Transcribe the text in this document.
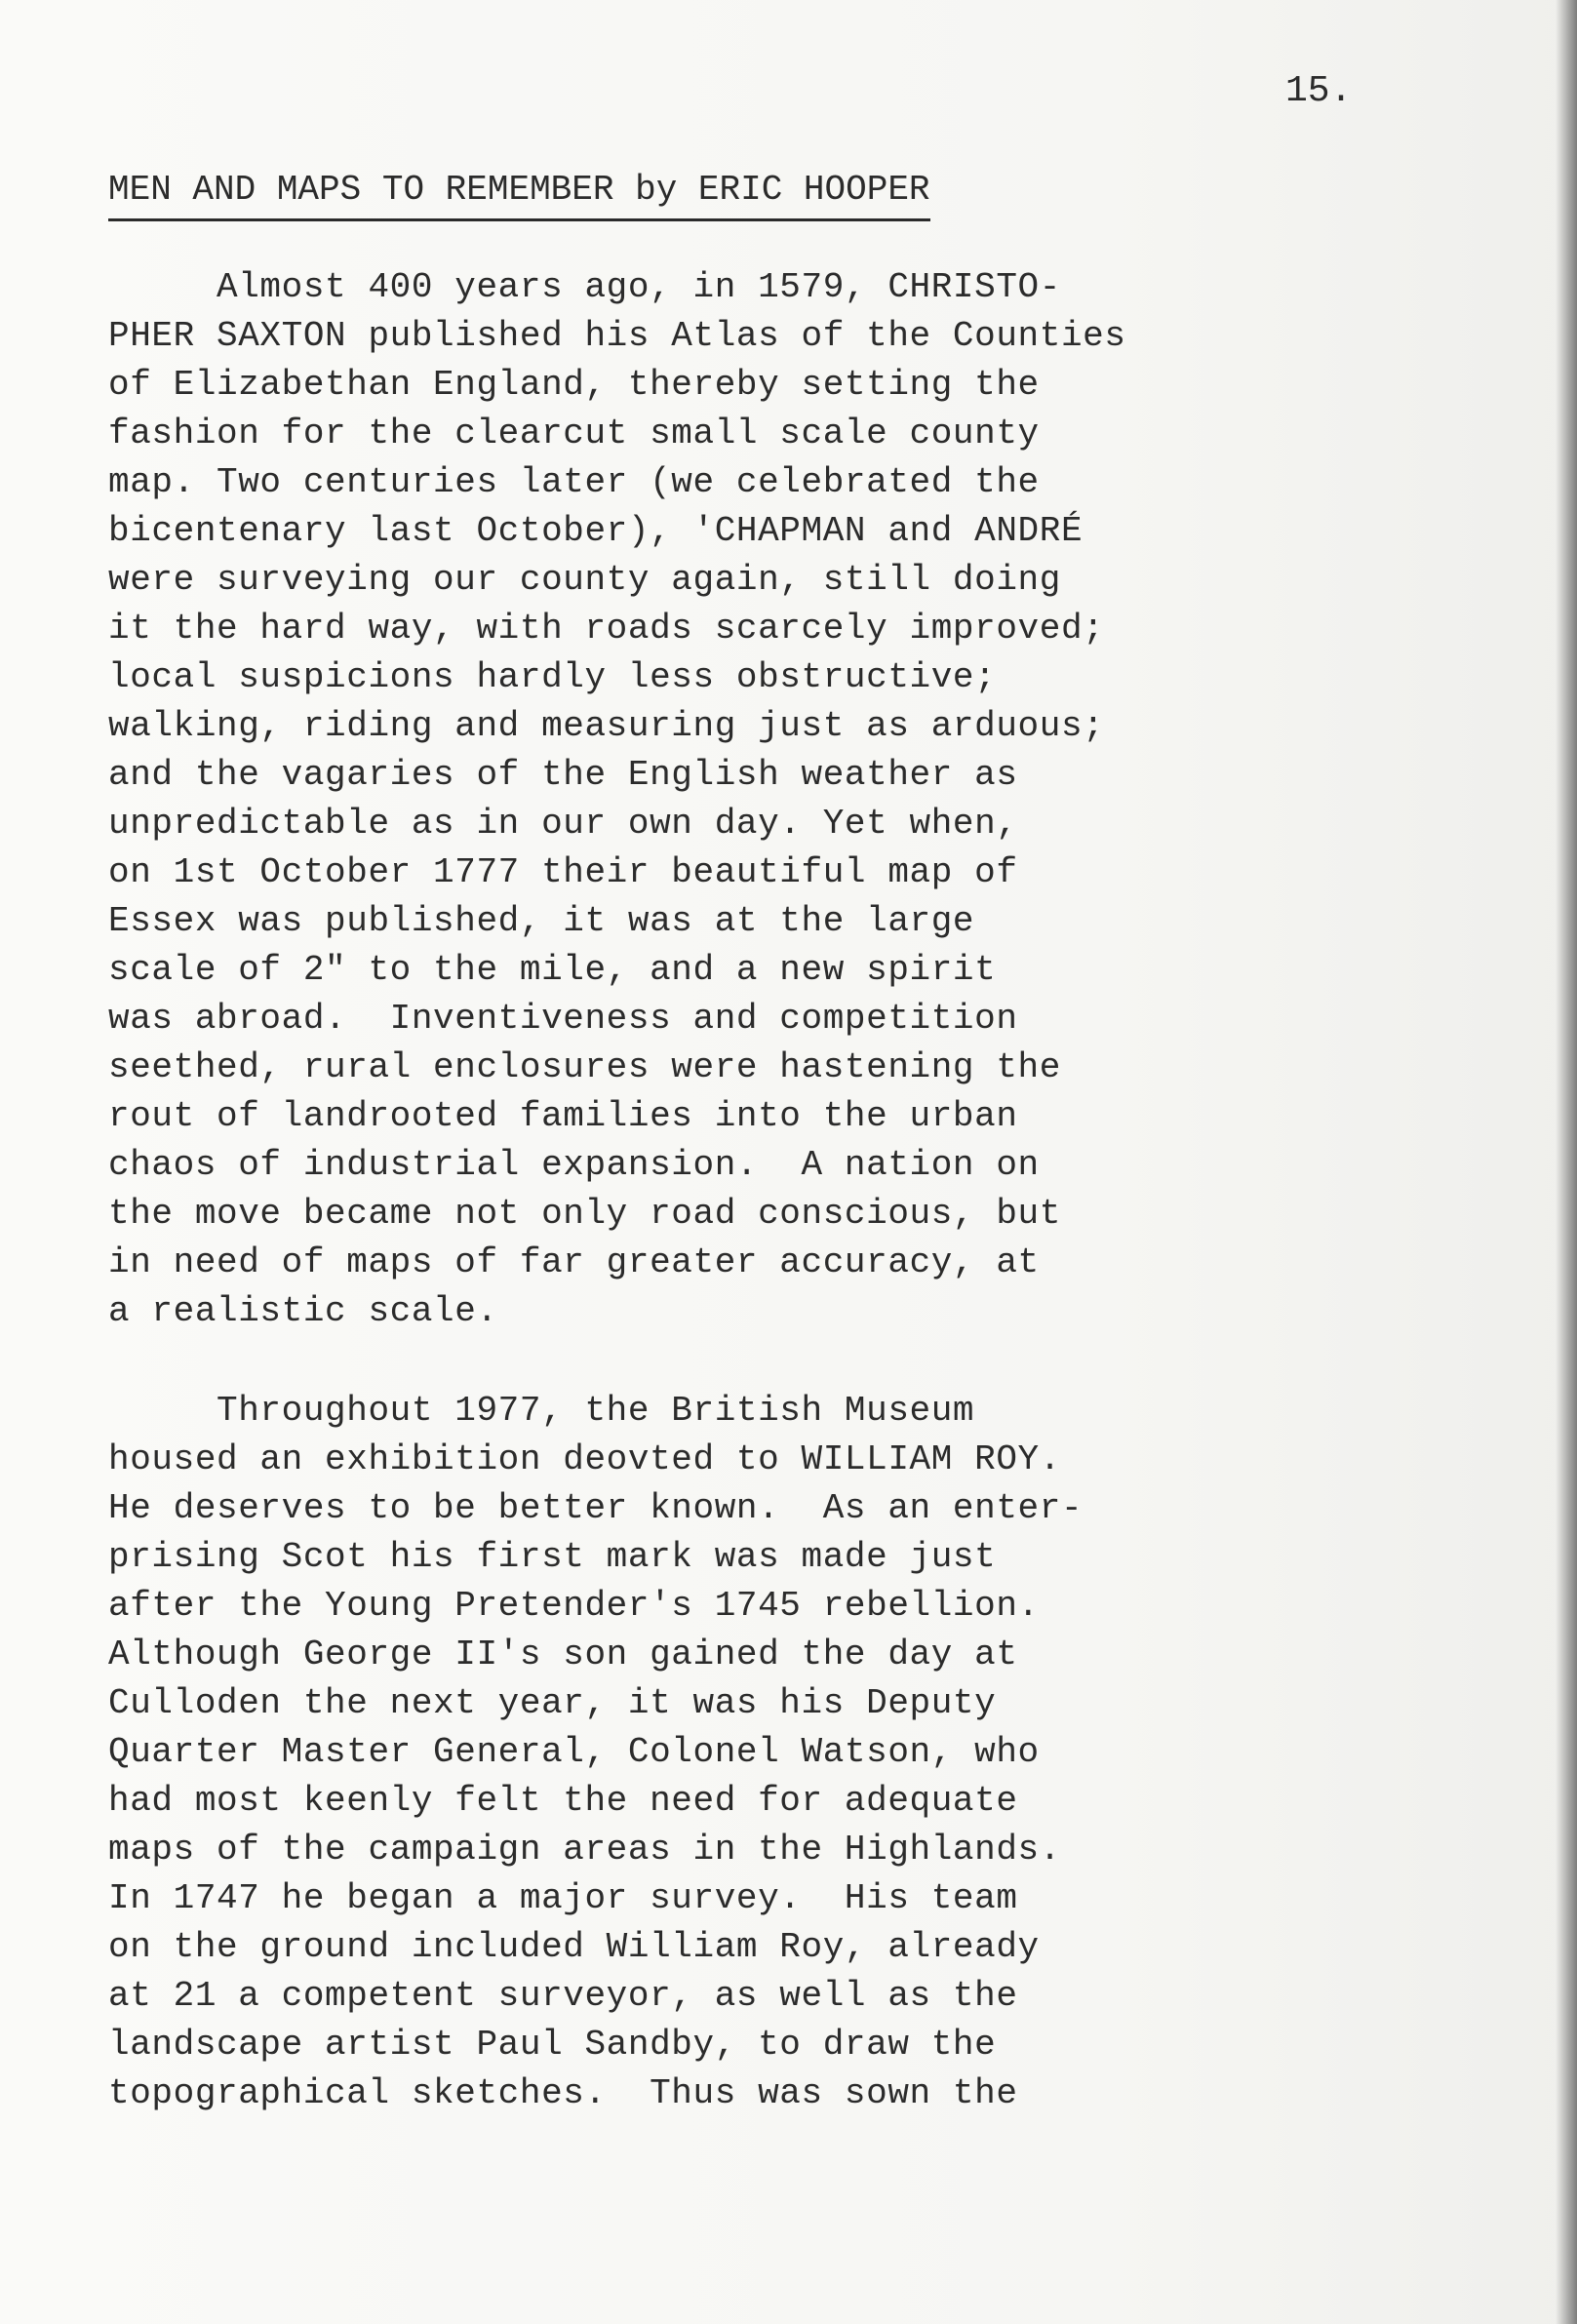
15.
MEN AND MAPS TO REMEMBER by ERIC HOOPER
Almost 400 years ago, in 1579, CHRISTO-
PHER SAXTON published his Atlas of the Counties
of Elizabethan England, thereby setting the
fashion for the clearcut small scale county
map. Two centuries later (we celebrated the
bicentenary last October), 'CHAPMAN and ANDRÉ
were surveying our county again, still doing
it the hard way, with roads scarcely improved;
local suspicions hardly less obstructive;
walking, riding and measuring just as arduous;
and the vagaries of the English weather as
unpredictable as in our own day. Yet when,
on 1st October 1777 their beautiful map of
Essex was published, it was at the large
scale of 2" to the mile, and a new spirit
was abroad.  Inventiveness and competition
seethed, rural enclosures were hastening the
rout of landrooted families into the urban
chaos of industrial expansion.  A nation on
the move became not only road conscious, but
in need of maps of far greater accuracy, at
a realistic scale.
Throughout 1977, the British Museum
housed an exhibition deovted to WILLIAM ROY.
He deserves to be better known.  As an enter-
prising Scot his first mark was made just
after the Young Pretender's 1745 rebellion.
Although George II's son gained the day at
Culloden the next year, it was his Deputy
Quarter Master General, Colonel Watson, who
had most keenly felt the need for adequate
maps of the campaign areas in the Highlands.
In 1747 he began a major survey.  His team
on the ground included William Roy, already
at 21 a competent surveyor, as well as the
landscape artist Paul Sandby, to draw the
topographical sketches.  Thus was sown the
